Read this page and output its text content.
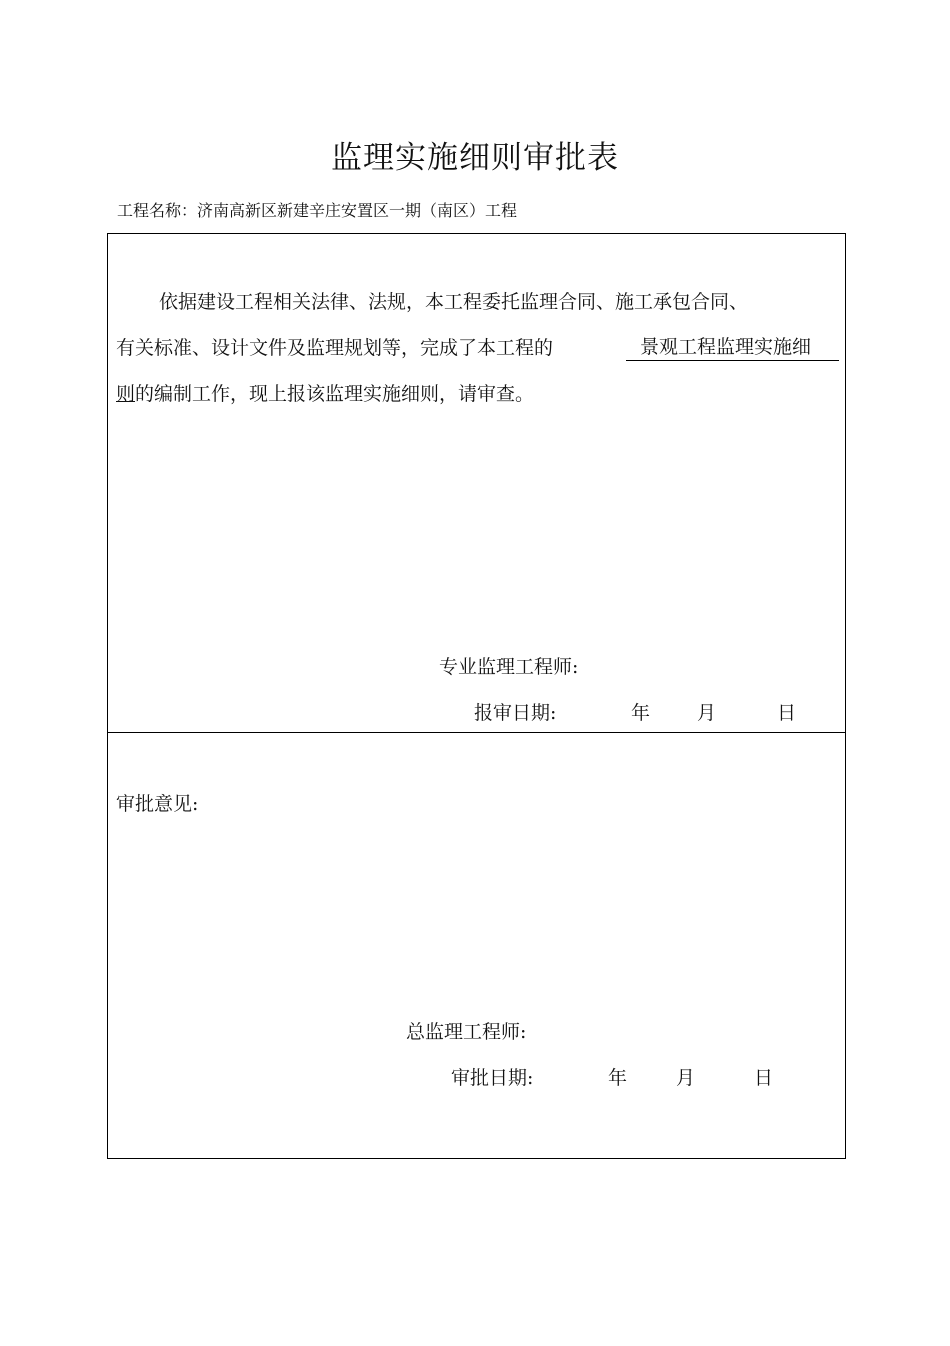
监理实施细则审批表
工程名称：济南高新区新建辛庄安置区一期（南区）工程
依据建设工程相关法律、法规，本工程委托监理合同、施工承包合同、
有关标准、设计文件及监理规划等，完成了本工程的	景观工程监理实施细
则的编制工作，现上报该监理实施细则，请审查。
专业监理工程师:
报审日期:	年 月	日
审批意见:
总监理工程师:
审批日期:	年	月	日
